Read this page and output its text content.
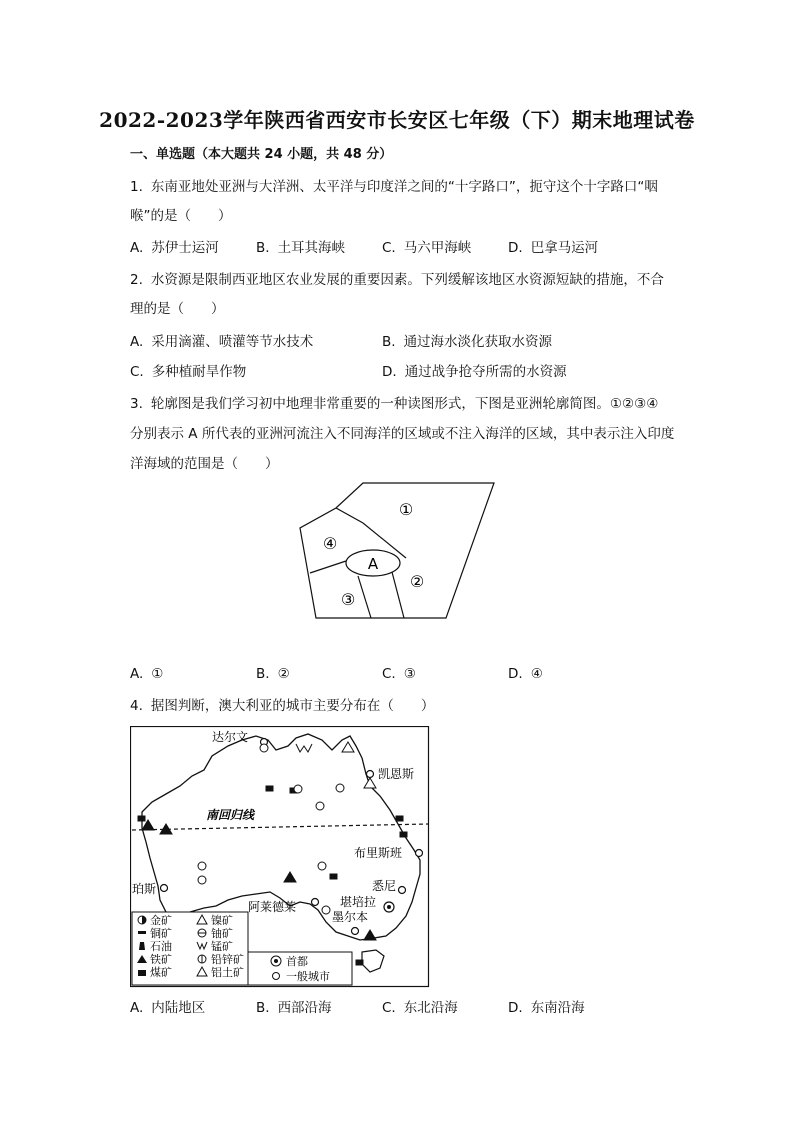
2022-2023学年陕西省西安市长安区七年级（下）期末地理试卷
一、单选题（本大题共 24 小题，共 48 分）
1. 东南亚地处亚洲与大洋洲、太平洋与印度洋之间的“十字路口”，扼守这个十字路口“咽
喉”的是（　　）
A. 苏伊士运河	B. 土耳其海峡	C. 马六甲海峡	D. 巴拿马运河
2. 水资源是限制西亚地区农业发展的重要因素。下列缓解该地区水资源短缺的措施，不合
理的是（　　）
A. 采用滴灌、喷灌等节水技术	B. 通过海水淡化获取水资源
C. 多种植耐旱作物	D. 通过战争抢夺所需的水资源
3. 轮廓图是我们学习初中地理非常重要的一种读图形式，下图是亚洲轮廓简图。①②③④
分别表示 A 所代表的亚洲河流注入不同海洋的区域或不注入海洋的区域，其中表示注入印度
洋海域的范围是（　　）
A
①
②
③
④
A. ①	B. ②	C. ③	D. ④
4. 据图判断，澳大利亚的城市主要分布在（　　）
南回归线
达尔文
凯恩斯
布里斯班
珀斯
阿莱德莱
悉尼
堪培拉
墨尔本
金矿
铜矿
石油
铁矿
煤矿
镍矿
铀矿
锰矿
铅锌矿
铝土矿
首都
一般城市
A. 内陆地区	B. 西部沿海	C. 东北沿海	D. 东南沿海
